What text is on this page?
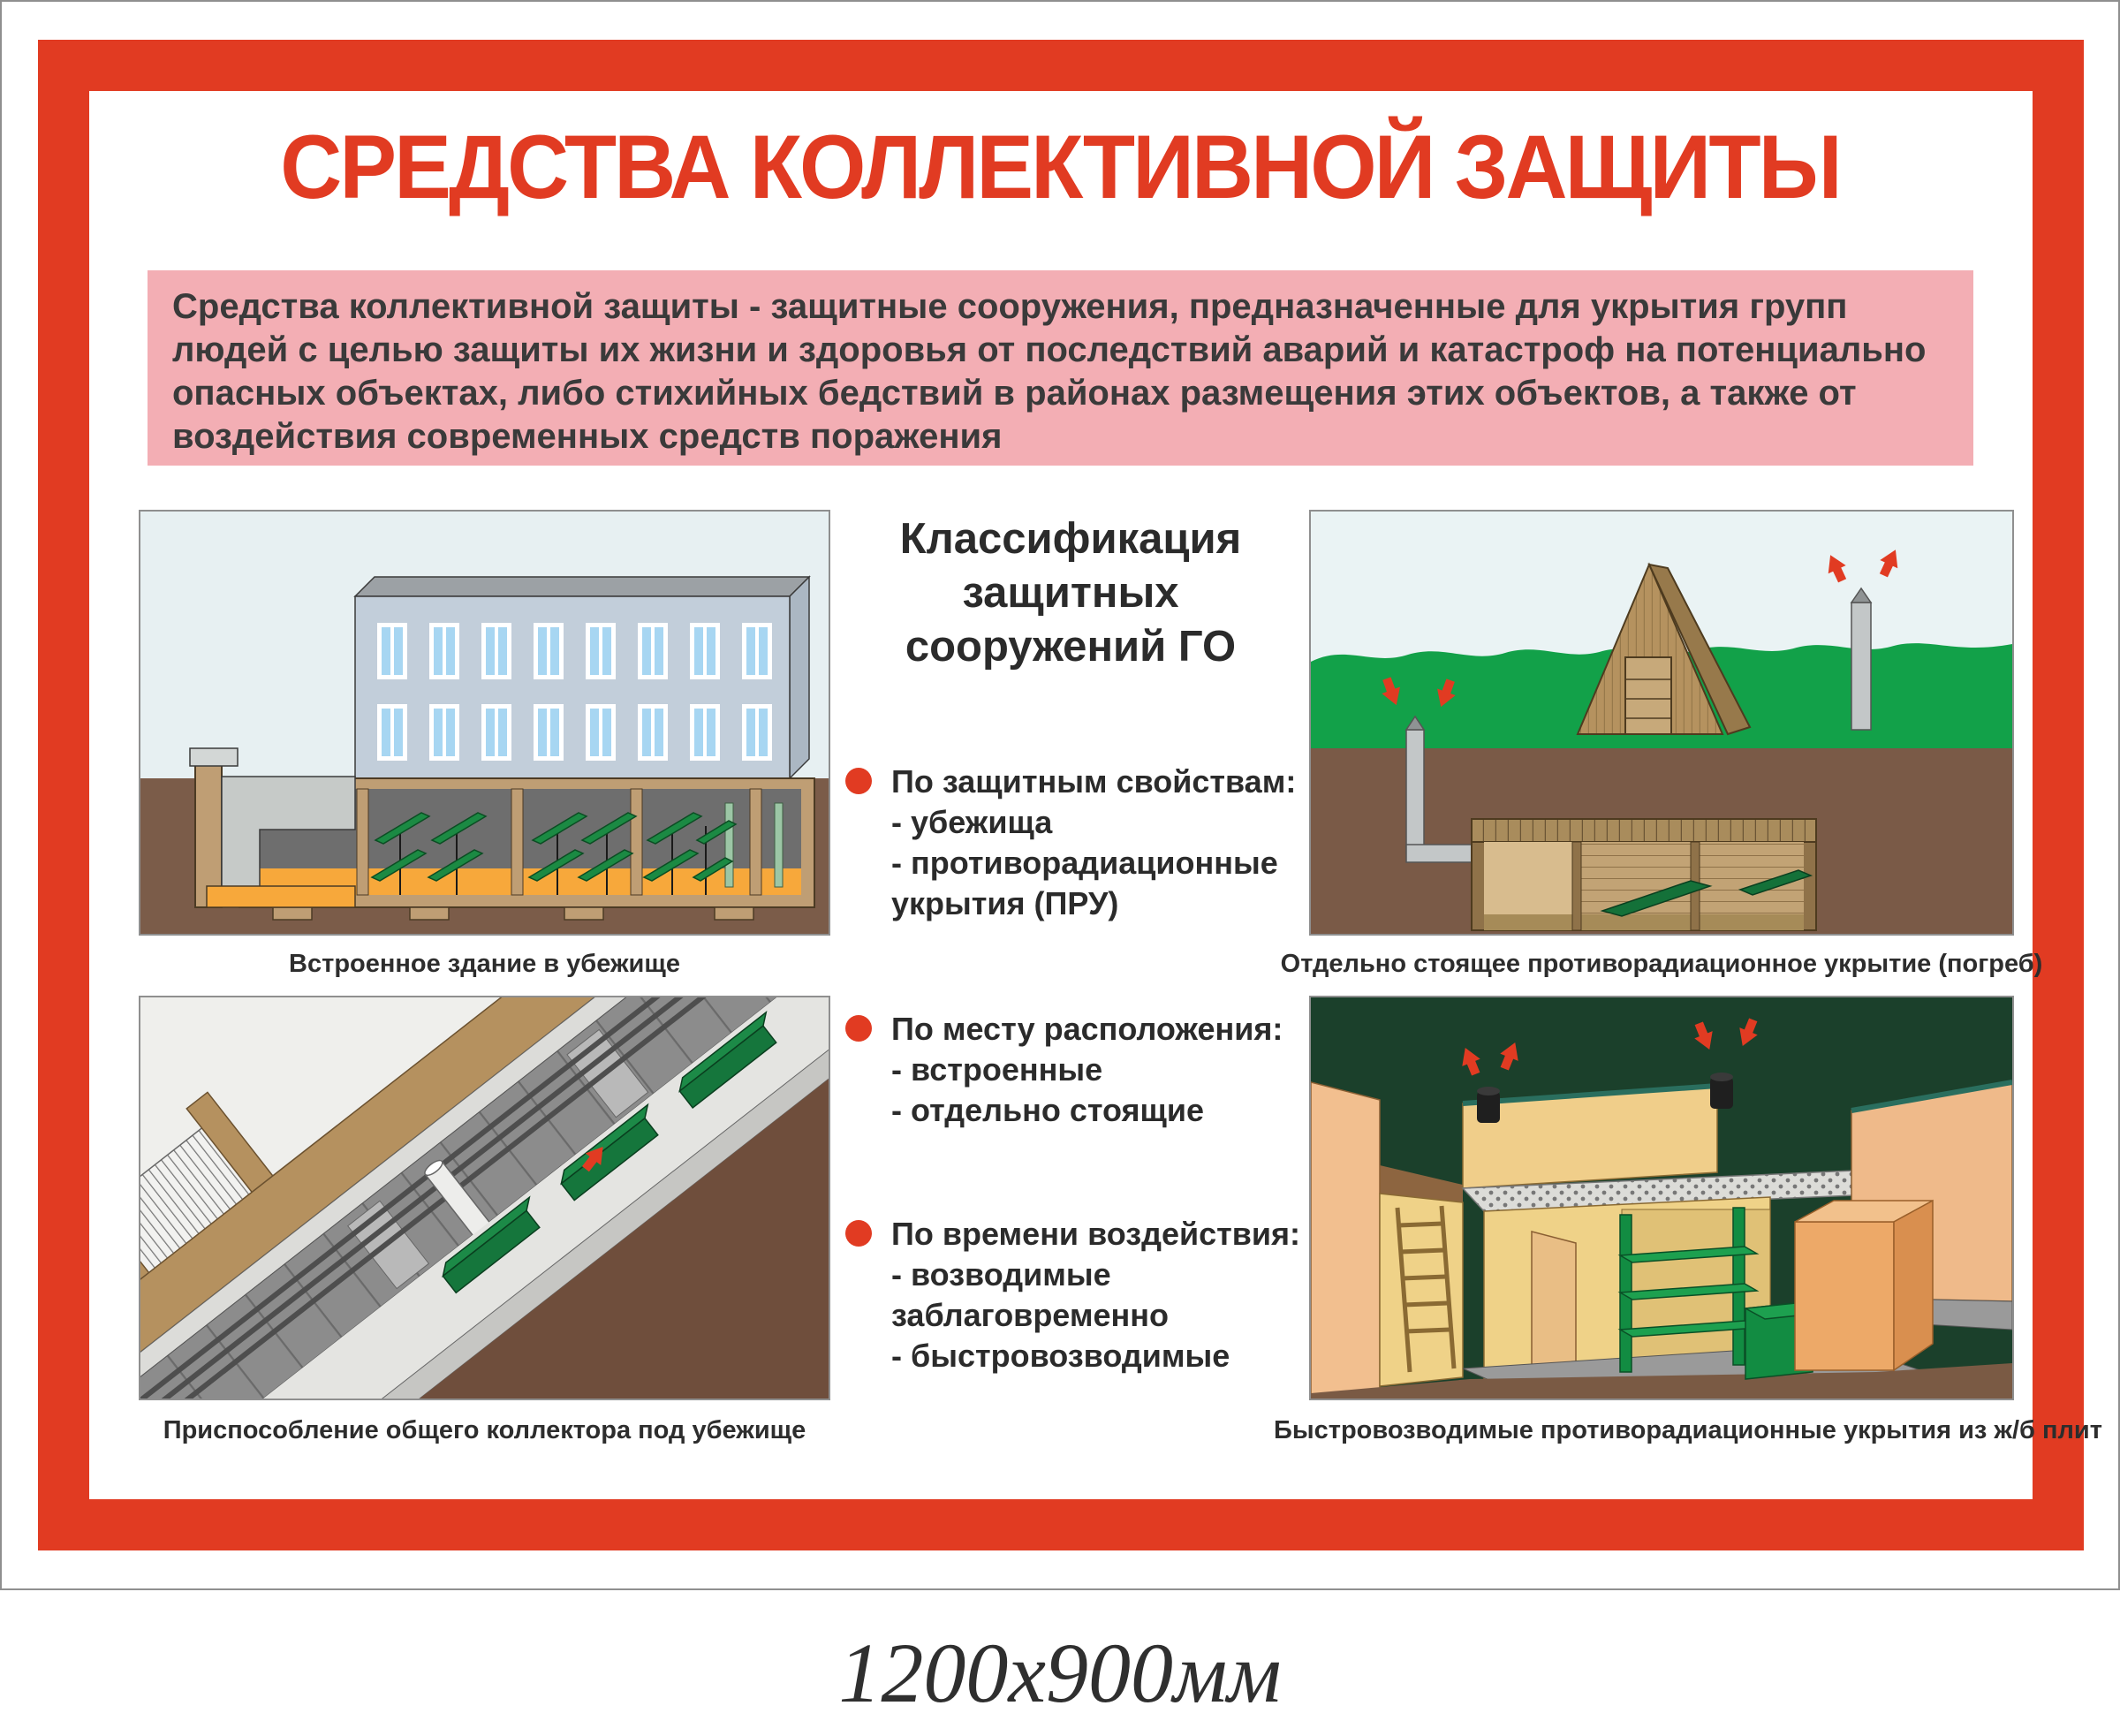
СРЕДСТВА КОЛЛЕКТИВНОЙ ЗАЩИТЫ
Средства коллективной защиты - защитные сооружения, предназначенные для укрытия групп людей с целью защиты их жизни и здоровья от последствий аварий и катастроф на потенциально опасных объектах, либо стихийных бедствий в районах размещения этих объектов, а также от воздействия современных средств поражения
Встроенное здание в убежище	Отдельно стоящее противорадиационное укрытие (погреб)
Приспособление общего коллектора под убежище	Быстровозводимые противорадиационные укрытия из ж/б плит
Классификация защитных сооружений ГО
По защитным свойствам:
- убежища
- противорадиационные укрытия (ПРУ)
По месту расположения:
- встроенные
- отдельно стоящие
По времени воздействия:
- возводимые заблаговременно
- быстровозводимые
1200x900мм
